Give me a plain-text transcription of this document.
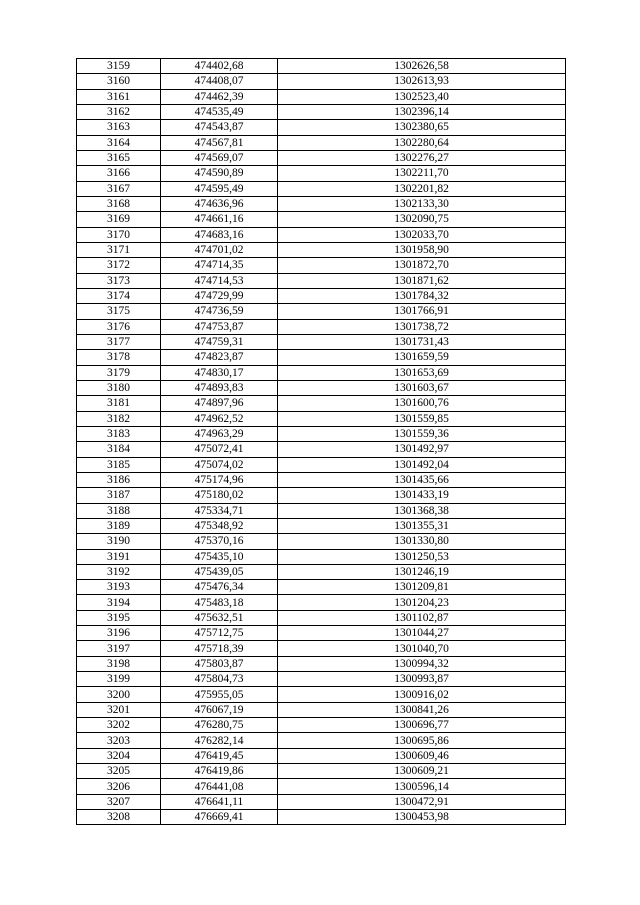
3159	474402,68	1302626,58
3160	474408,07	1302613,93
3161	474462,39	1302523,40
3162	474535,49	1302396,14
3163	474543,87	1302380,65
3164	474567,81	1302280,64
3165	474569,07	1302276,27
3166	474590,89	1302211,70
3167	474595,49	1302201,82
3168	474636,96	1302133,30
3169	474661,16	1302090,75
3170	474683,16	1302033,70
3171	474701,02	1301958,90
3172	474714,35	1301872,70
3173	474714,53	1301871,62
3174	474729,99	1301784,32
3175	474736,59	1301766,91
3176	474753,87	1301738,72
3177	474759,31	1301731,43
3178	474823,87	1301659,59
3179	474830,17	1301653,69
3180	474893,83	1301603,67
3181	474897,96	1301600,76
3182	474962,52	1301559,85
3183	474963,29	1301559,36
3184	475072,41	1301492,97
3185	475074,02	1301492,04
3186	475174,96	1301435,66
3187	475180,02	1301433,19
3188	475334,71	1301368,38
3189	475348,92	1301355,31
3190	475370,16	1301330,80
3191	475435,10	1301250,53
3192	475439,05	1301246,19
3193	475476,34	1301209,81
3194	475483,18	1301204,23
3195	475632,51	1301102,87
3196	475712,75	1301044,27
3197	475718,39	1301040,70
3198	475803,87	1300994,32
3199	475804,73	1300993,87
3200	475955,05	1300916,02
3201	476067,19	1300841,26
3202	476280,75	1300696,77
3203	476282,14	1300695,86
3204	476419,45	1300609,46
3205	476419,86	1300609,21
3206	476441,08	1300596,14
3207	476641,11	1300472,91
3208	476669,41	1300453,98
